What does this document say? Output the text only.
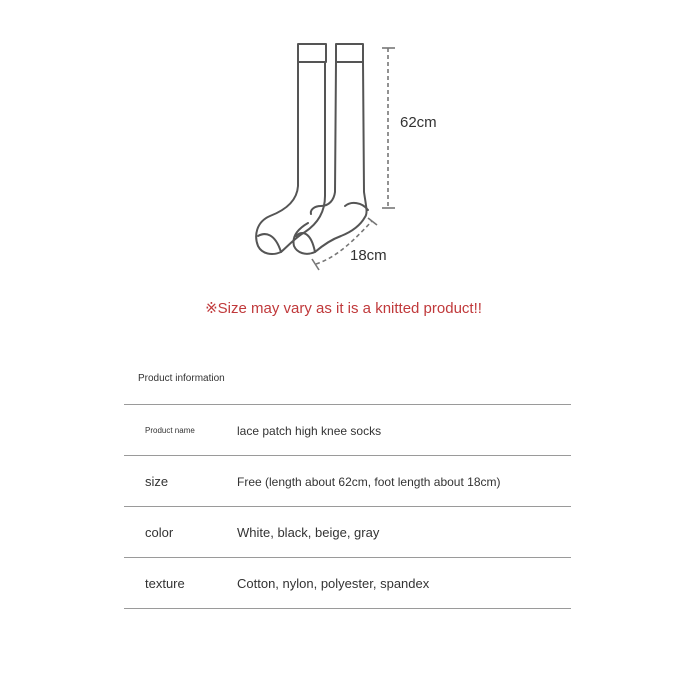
62cm
18cm
※Size may vary as it is a knitted product!!
Product information
Product name	lace patch high knee socks
size	Free (length about 62cm, foot length about 18cm)
color	White, black, beige, gray
texture	Cotton, nylon, polyester, spandex
